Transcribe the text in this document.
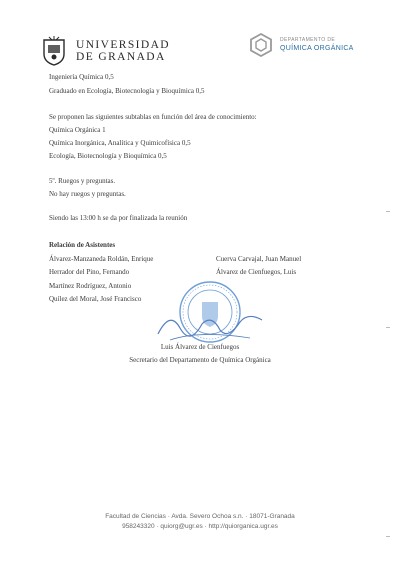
UNIVERSIDAD
DE GRANADA
DEPARTAMENTO DE
QUÍMICA ORGÁNICA
Ingeniería Química 0,5
Graduado en Ecología, Biotecnología y Bioquímica 0,5
Se proponen las siguientes subtablas en función del área de conocimiento:
Química Orgánica 1
Química Inorgánica, Analítica y Quimicofísica 0,5
Ecología, Biotecnología y Bioquímica 0,5
5º. Ruegos y preguntas.
No hay ruegos y preguntas.
Siendo las 13:00 h se da por finalizada la reunión
Relación de Asistentes
Álvarez-Manzaneda Roldán, Enrique
Herrador del Pino, Fernando
Martínez Rodríguez, Antonio
Quílez del Moral, José Francisco
Cuerva Carvajal, Juan Manuel
Álvarez de Cienfuegos, Luis
Luis Álvarez de Cienfuegos
Secretario del Departamento de Química Orgánica
Facultad de Ciencias · Avda. Severo Ochoa s.n. · 18071-Granada
958243320 · quiorg@ugr.es · http://quiorganica.ugr.es
